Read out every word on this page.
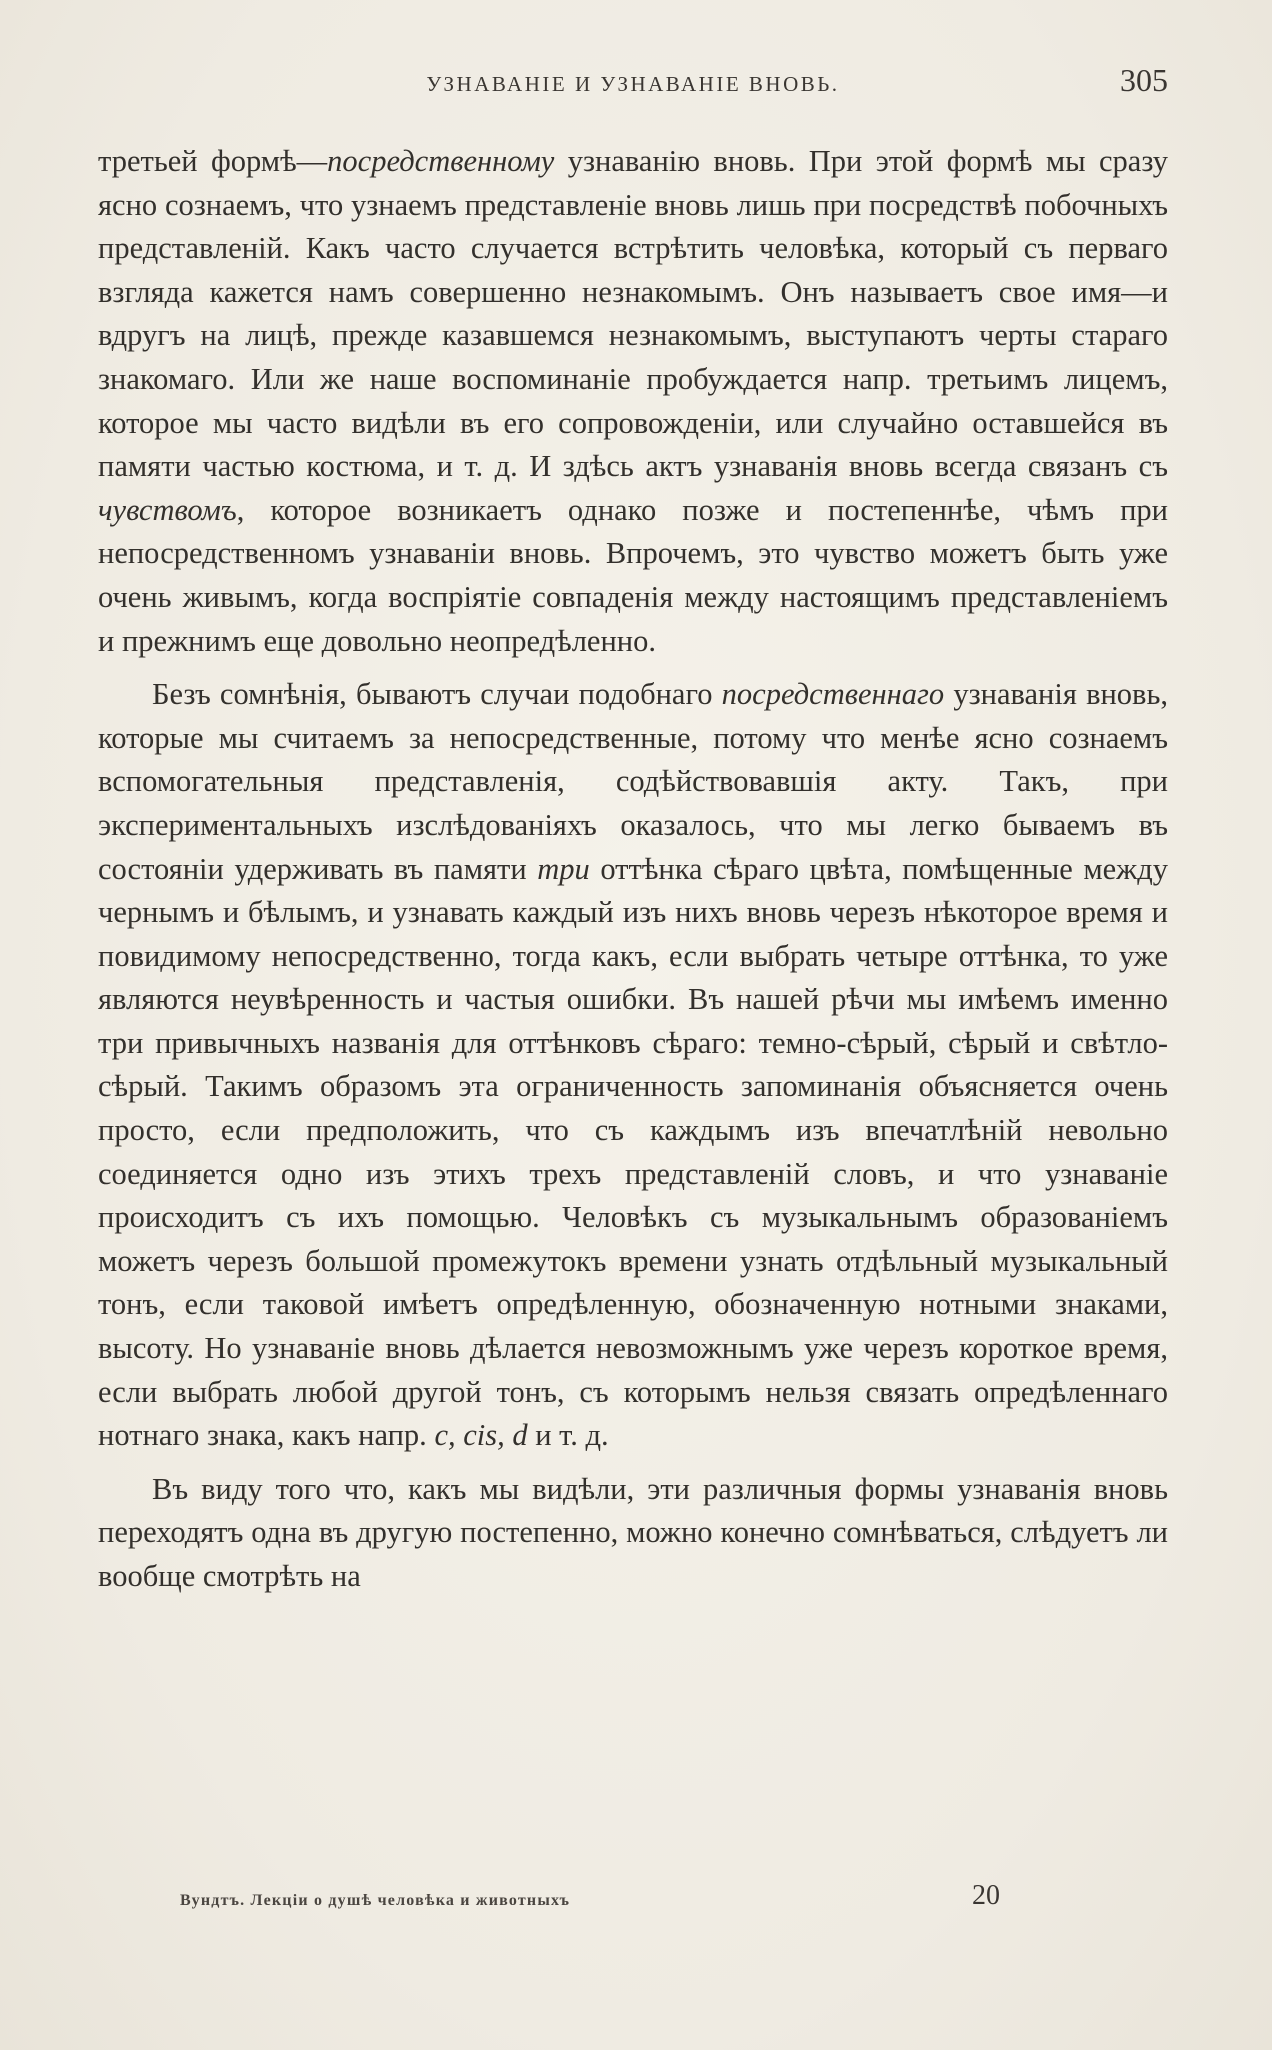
УЗНАВАНІЕ И УЗНАВАНІЕ ВНОВЬ.	305

третьей формѣ—посредственному узнаванію вновь. При этой формѣ мы сразу ясно сознаемъ, что узнаемъ представленіе вновь лишь при посредствѣ побочныхъ представленій. Какъ часто случается встрѣтить человѣка, который съ перваго взгляда кажется намъ совершенно незнакомымъ. Онъ называетъ свое имя—и вдругъ на лицѣ, прежде казавшемся незнакомымъ, выступаютъ черты стараго знакомаго. Или же наше воспоминаніе пробуждается напр. третьимъ лицемъ, которое мы часто видѣли въ его сопровожденіи, или случайно оставшейся въ памяти частью костюма, и т. д. И здѣсь актъ узнаванія вновь всегда связанъ съ чувствомъ, которое возникаетъ однако позже и постепеннѣе, чѣмъ при непосредственномъ узнаваніи вновь. Впрочемъ, это чувство можетъ быть уже очень живымъ, когда воспріятіе совпаденія между настоящимъ представленіемъ и прежнимъ еще довольно неопредѣленно.

Безъ сомнѣнія, бываютъ случаи подобнаго посредственнаго узнаванія вновь, которые мы считаемъ за непосредственные, потому что менѣе ясно сознаемъ вспомогательныя представленія, содѣйствовавшія акту. Такъ, при экспериментальныхъ изслѣдованіяхъ оказалось, что мы легко бываемъ въ состояніи удерживать въ памяти три оттѣнка сѣраго цвѣта, помѣщенные между чернымъ и бѣлымъ, и узнавать каждый изъ нихъ вновь черезъ нѣкоторое время и повидимому непосредственно, тогда какъ, если выбрать четыре оттѣнка, то уже являются неувѣренность и частыя ошибки. Въ нашей рѣчи мы имѣемъ именно три привычныхъ названія для оттѣнковъ сѣраго: темно-сѣрый, сѣрый и свѣтло-сѣрый. Такимъ образомъ эта ограниченность запоминанія объясняется очень просто, если предположить, что съ каждымъ изъ впечатлѣній невольно соединяется одно изъ этихъ трехъ представленій словъ, и что узнаваніе происходитъ съ ихъ помощью. Человѣкъ съ музыкальнымъ образованіемъ можетъ черезъ большой промежутокъ времени узнать отдѣльный музыкальный тонъ, если таковой имѣетъ опредѣленную, обозначенную нотными знаками, высоту. Но узнаваніе вновь дѣлается невозможнымъ уже черезъ короткое время, если выбрать любой другой тонъ, съ которымъ нельзя связать опредѣленнаго нотнаго знака, какъ напр. c, cis, d и т. д.

Въ виду того что, какъ мы видѣли, эти различныя формы узнаванія вновь переходятъ одна въ другую постепенно, можно конечно сомнѣваться, слѣдуетъ ли вообще смотрѣть на

Вундтъ. Лекціи о душѣ человѣка и животныхъ	20
